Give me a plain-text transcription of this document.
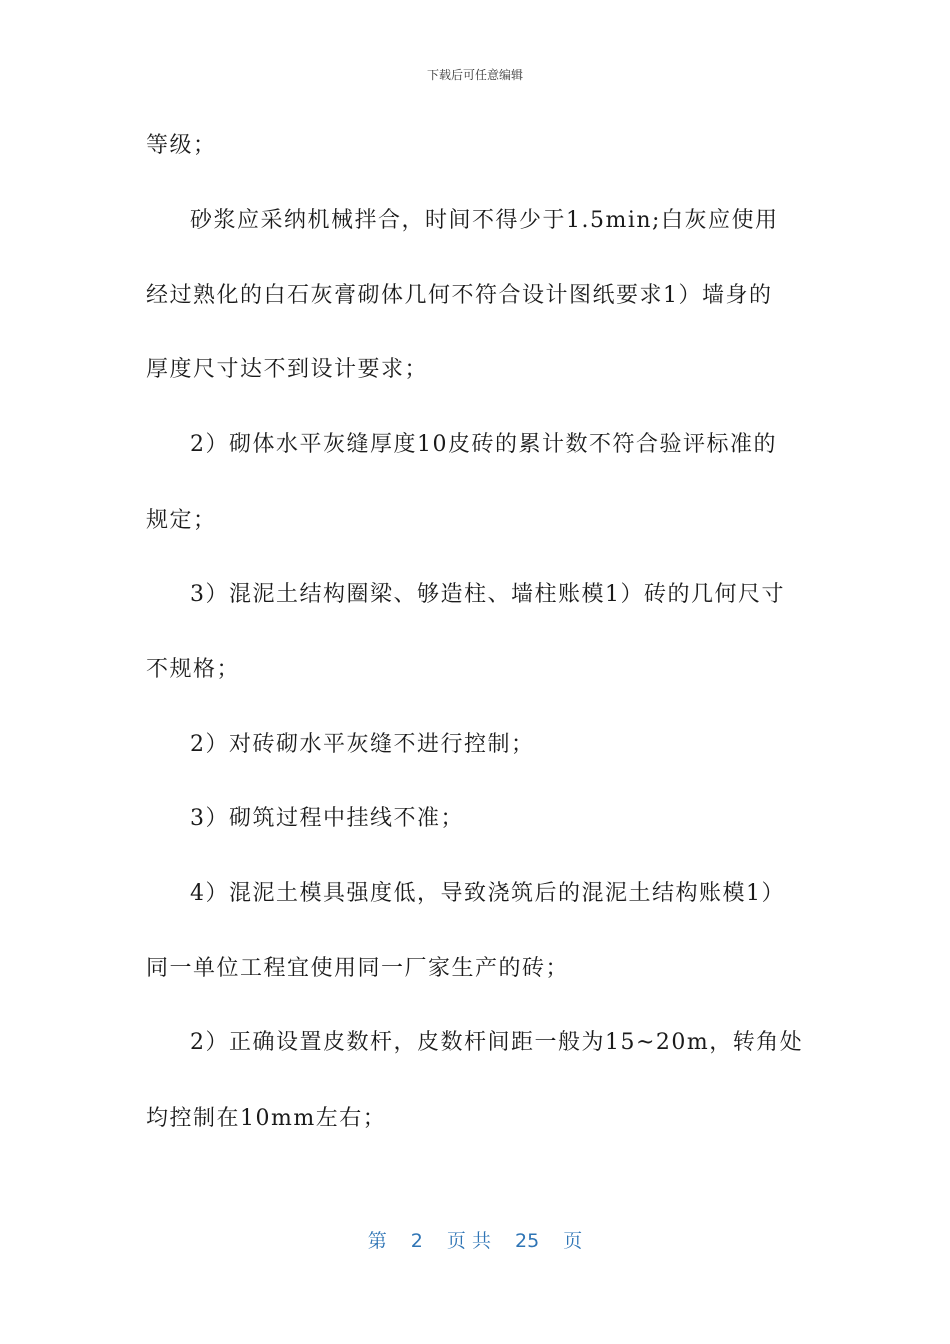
下载后可任意编辑
等级；
砂浆应采纳机械拌合，时间不得少于1.5min;白灰应使用
经过熟化的白石灰膏砌体几何不符合设计图纸要求1）墙身的
厚度尺寸达不到设计要求；
2）砌体水平灰缝厚度10皮砖的累计数不符合验评标准的
规定；
3）混泥土结构圈梁、够造柱、墙柱账模1）砖的几何尺寸
不规格；
2）对砖砌水平灰缝不进行控制；
3）砌筑过程中挂线不准；
4）混泥土模具强度低，导致浇筑后的混泥土结构账模1）
同一单位工程宜使用同一厂家生产的砖；
2）正确设置皮数杆，皮数杆间距一般为15~20m，转角处
均控制在10mm左右；
第 2 页 共 25 页
